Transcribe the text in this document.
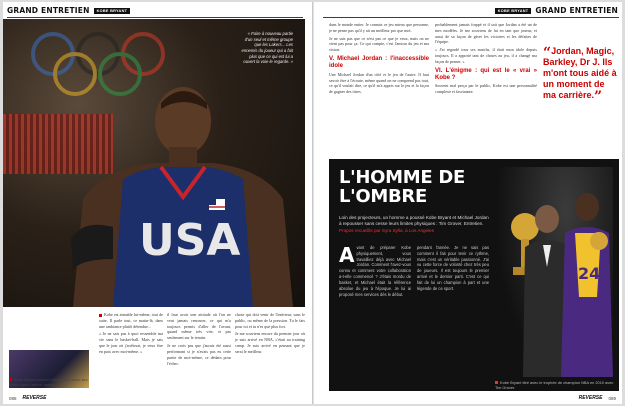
GRAND ENTRETIEN	KOBE BRYANT
USA
« Faire à nouveau partie d'un seul et même groupe que les Lakers... Les ennemis du joueur qui a fait plus que ce qui est lui a ouvert la voie le regarde. »

Kobe est aimable lui-même, tout de suite. Il parle tout, ce matin-là, dans une ambiance plutôt détendue...

« Je ne sais pas à quoi ressemble ma vie sans le basket-ball. Mais je sais que le jour où j'arrêterai, je veux être en paix avec moi-même. »

il faut avoir une attitude où l'on ne veut jamais renoncer, ce qui m'a toujours permis d'aller de l'avant, quand même très vite, et pas seulement sur le terrain.

Je ne crois pas que j'aurais été aussi performant si je n'avais pas eu cette partie de moi-même, ce dédain pour l'échec.

chose qui doit venir de l'intérieur, sans le public, ou même de la pression. Tu le fais pour toi et tu n'es que plus fort.

Je me souviens encore du premier jour où je suis arrivé en NBA, c'était au training camp. Je suis arrivé en pensant que je serai le meilleur.

Kobe Bryant toujours instant seul avec ses rivaux avec Lebron James.
088 REVERSE
KOBE BRYANT GRAND ENTRETIEN

dans le monde entier. Je connais ce jeu mieux que personne, je ne pense pas qu'il y ait un meilleur pro que moi.

Je ne sais pas que ce n'est pas ce que je veux, mais on ne vient pas pour ça. Ce qui compte, c'est l'amour du jeu et ma vision.

V. Michael Jordan : l'inaccessible idole

Une Michael Jordan d'un côté et le jeu de l'autre. Il faut savoir être à l'écoute, même quand on ne comprend pas tout, ce qu'il voulait dire, ce qu'il m'a appris sur le jeu et la façon de gagner des titres.

probablement jamais frappé et il sait que Jordan a été un de mes modèles. Je me souviens de lui en tant que joueur, et aussi de sa façon de gérer les victoires et les défaites de l'équipe.

« J'ai regardé tous ses matchs, il était mon idole depuis toujours. Il a apporté tant de choses au jeu, il a changé ma façon de penser. »

VI. L'énigme : qui est le « vrai » Kobe ?

Souvent mal perçu par le public, Kobe est une personnalité complexe et fascinante.

“Jordan, Magic, Barkley, Dr J. Ils m'ont tous aidé à un moment de ma carrière.”
L'HOMME DE L'OMBRE
Loin des projecteurs, un homme a poussé Kobe Bryant et Michael Jordan à repousser sans cesse leurs limites physiques : Tim Grover. Entretien. Propos recueillis par Syra Sylla, à Los Angeles
Avant de préparer Kobe physiquement, vous travailliez déjà avec Michael Jordan. Comment l'avez-vous connu et comment votre collaboration a-t-elle commencé ? J'étais mordu de basket, et Michael était la référence absolue du jeu à l'époque. Je lui ai proposé mes services dès le début.
pendant l'année. Je ne sais pas comment il fait pour tenir ce rythme, mais c'est un véritable passionné. J'ai vu cette force de volonté chez très peu de joueurs. Il est toujours le premier arrivé et le dernier parti. C'est ce qui fait de lui un champion à part et une légende de ce sport.
24
Kobe Bryant titré avec le trophée de champion NBA en 2010 avec Tim Grover.
REVERSE 089
